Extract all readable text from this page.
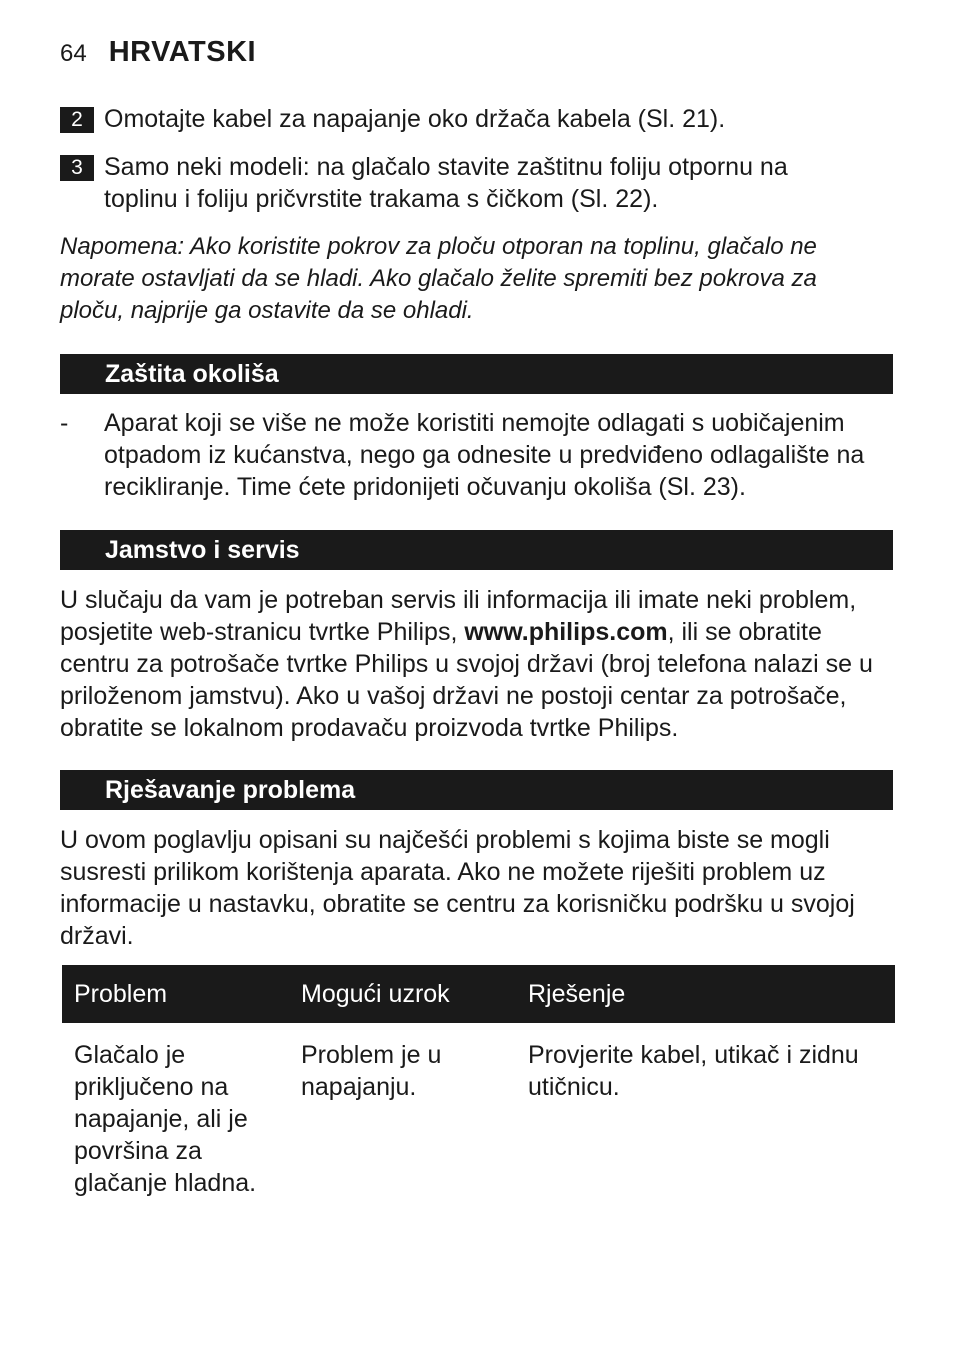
64 HRVATSKI
2 Omotajte kabel za napajanje oko držača kabela (Sl. 21).
3 Samo neki modeli: na glačalo stavite zaštitnu foliju otpornu na toplinu i foliju pričvrstite trakama s čičkom (Sl. 22).
Napomena: Ako koristite pokrov za ploču otporan na toplinu, glačalo ne morate ostavljati da se hladi. Ako glačalo želite spremiti bez pokrova za ploču, najprije ga ostavite da se ohladi.
Zaštita okoliša
- Aparat koji se više ne može koristiti nemojte odlagati s uobičajenim otpadom iz kućanstva, nego ga odnesite u predviđeno odlagalište na recikliranje. Time ćete pridonijeti očuvanju okoliša (Sl. 23).
Jamstvo i servis
U slučaju da vam je potreban servis ili informacija ili imate neki problem, posjetite web-stranicu tvrtke Philips, www.philips.com, ili se obratite centru za potrošače tvrtke Philips u svojoj državi (broj telefona nalazi se u priloženom jamstvu). Ako u vašoj državi ne postoji centar za potrošače, obratite se lokalnom prodavaču proizvoda tvrtke Philips.
Rješavanje problema
U ovom poglavlju opisani su najčešći problemi s kojima biste se mogli susresti prilikom korištenja aparata. Ako ne možete riješiti problem uz informacije u nastavku, obratite se centru za korisničku podršku u svojoj državi.
Problem	Mogući uzrok	Rješenje
Glačalo je priključeno na napajanje, ali je površina za glačanje hladna.
Problem je u napajanju.
Provjerite kabel, utikač i zidnu utičnicu.
